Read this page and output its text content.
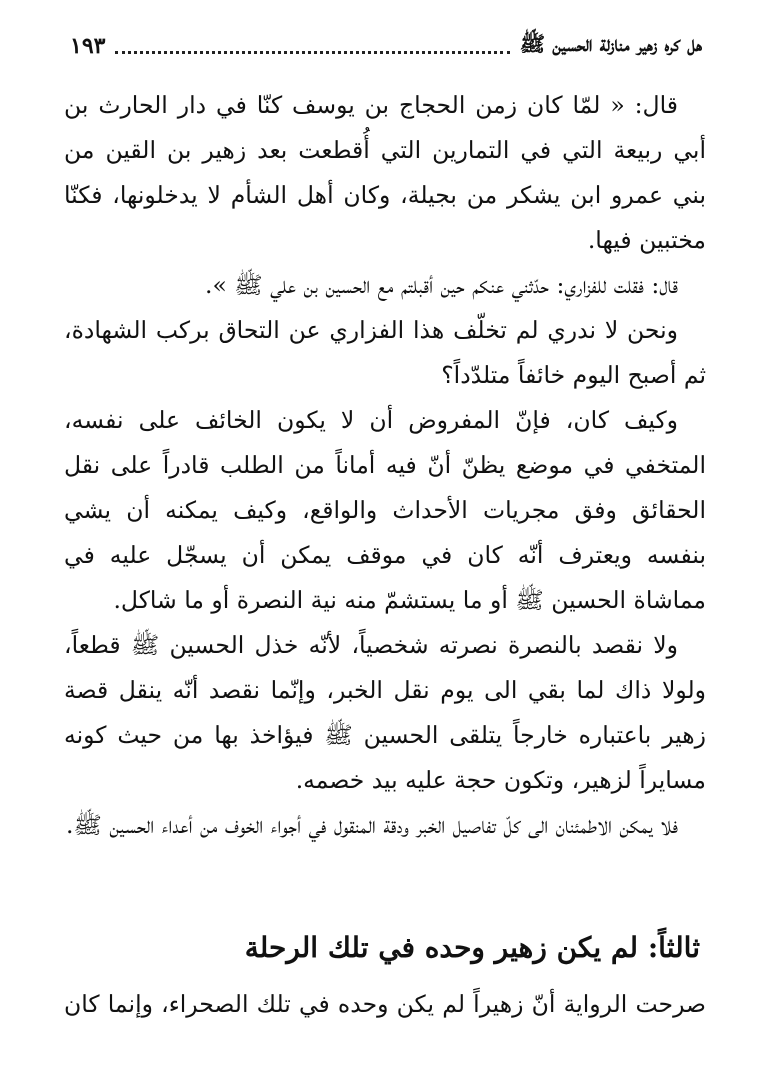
هل كره زهير منازلة الحسين ﷺ
١٩٣

قال: « لمّا كان زمن الحجاج بن يوسف كنّا في دار الحارث بن أبي ربيعة التي في التمارين التي أُقطعت بعد زهير بن القين من بني عمرو ابن يشكر من بجيلة، وكان أهل الشأم لا يدخلونها، فكنّا مختبين فيها.

قال: فقلت للفزاري: حدّثني عنكم حين أقبلتم مع الحسين بن علي ﷺ ».

ونحن لا ندري لم تخلّف هذا الفزاري عن التحاق بركب الشهادة، ثم أصبح اليوم خائفاً متلدّداً؟

وكيف كان، فإنّ المفروض أن لا يكون الخائف على نفسه، المتخفي في موضع يظنّ أنّ فيه أماناً من الطلب قادراً على نقل الحقائق وفق مجريات الأحداث والواقع، وكيف يمكنه أن يشي بنفسه ويعترف أنّه كان في موقف يمكن أن يسجّل عليه في مماشاة الحسين ﷺ أو ما يستشمّ منه نية النصرة أو ما شاكل.

ولا نقصد بالنصرة نصرته شخصياً، لأنّه خذل الحسين ﷺ قطعاً، ولولا ذاك لما بقي الى يوم نقل الخبر، وإنّما نقصد أنّه ينقل قصة زهير باعتباره خارجاً يتلقى الحسين ﷺ فيؤاخذ بها من حيث كونه مسايراً لزهير، وتكون حجة عليه بيد خصمه.

فلا يمكن الاطمئنان الى كلّ تفاصيل الخبر ودقة المنقول في أجواء الخوف من أعداء الحسين ﷺ.

ثالثاً: لم يكن زهير وحده في تلك الرحلة
صرحت الرواية أنّ زهيراً لم يكن وحده في تلك الصحراء، وإنما كان
